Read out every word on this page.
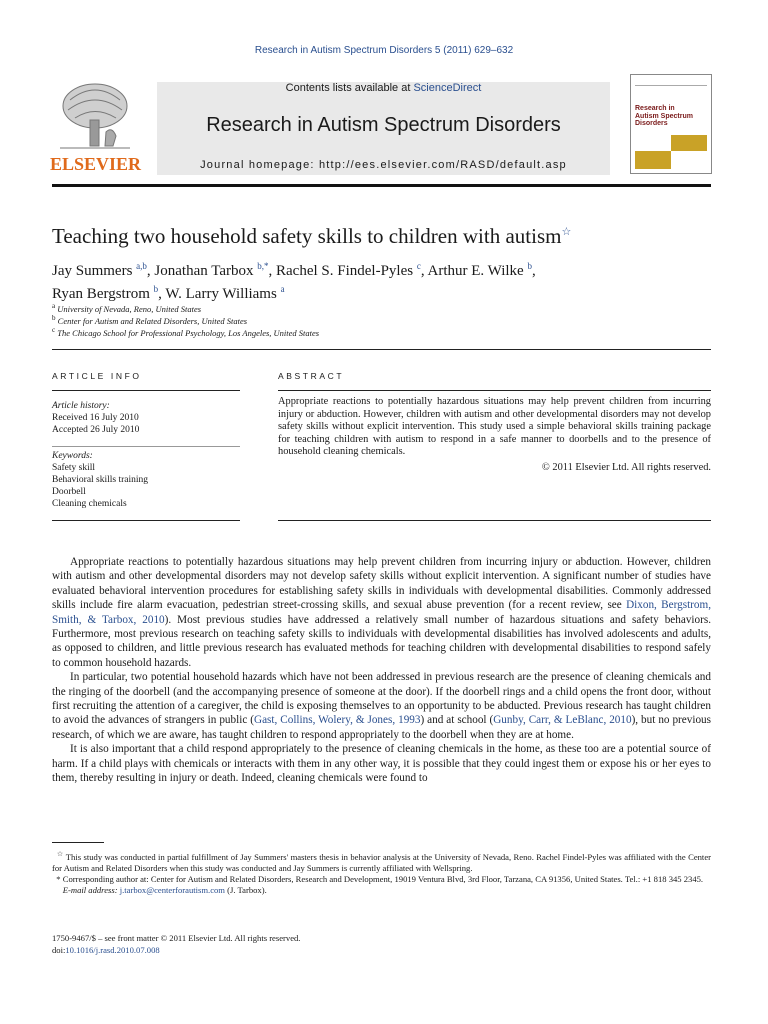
Research in Autism Spectrum Disorders 5 (2011) 629–632
ELSEVIER
Contents lists available at ScienceDirect
Research in Autism Spectrum Disorders
Journal homepage: http://ees.elsevier.com/RASD/default.asp
Research in Autism Spectrum Disorders
Teaching two household safety skills to children with autism☆
Jay Summers $^{a,b}$, Jonathan Tarbox $^{b,*}$, Rachel S. Findel-Pyles $^c$, Arthur E. Wilke $^b$,
Ryan Bergstrom $^b$, W. Larry Williams $^a$
$^a$ University of Nevada, Reno, United States
$^b$ Center for Autism and Related Disorders, United States
$^c$ The Chicago School for Professional Psychology, Los Angeles, United States
ARTICLE INFO
Article history:
Received 16 July 2010
Accepted 26 July 2010
Keywords:
Safety skill
Behavioral skills training
Doorbell
Cleaning chemicals
ABSTRACT
Appropriate reactions to potentially hazardous situations may help prevent children from incurring injury or abduction. However, children with autism and other developmental disorders may not develop safety skills without explicit intervention. This study used a simple behavioral skills training package for teaching children with autism to respond in a safe manner to doorbells and to the presence of household cleaning chemicals.
© 2011 Elsevier Ltd. All rights reserved.

Appropriate reactions to potentially hazardous situations may help prevent children from incurring injury or abduction. However, children with autism and other developmental disorders may not develop safety skills without explicit intervention. A significant number of studies have evaluated behavioral intervention procedures for establishing safety skills in individuals with developmental disabilities. Commonly addressed skills include fire alarm evacuation, pedestrian street-crossing skills, and sexual abuse prevention (for a recent review, see Dixon, Bergstrom, Smith, & Tarbox, 2010). Most previous studies have addressed a relatively small number of hazardous situations and safety behaviors. Furthermore, most previous research on teaching safety skills to individuals with developmental disabilities has involved adolescents and adults, as opposed to children, and little previous research has evaluated methods for teaching children with developmental disabilities to respond safely to common household hazards.

In particular, two potential household hazards which have not been addressed in previous research are the presence of cleaning chemicals and the ringing of the doorbell (and the accompanying presence of someone at the door). If the doorbell rings and a child opens the front door, without first recruiting the attention of a caregiver, the child is exposing themselves to an opportunity to be abducted. Previous research has taught children to avoid the advances of strangers in public (Gast, Collins, Wolery, & Jones, 1993) and at school (Gunby, Carr, & LeBlanc, 2010), but no previous research, of which we are aware, has taught children to respond appropriately to the doorbell when they are at home.

It is also important that a child respond appropriately to the presence of cleaning chemicals in the home, as these too are a potential source of harm. If a child plays with chemicals or interacts with them in any other way, it is possible that they could ingest them or expose his or her eyes to them, thereby resulting in injury or death. Indeed, cleaning chemicals were found to

☆ This study was conducted in partial fulfillment of Jay Summers' masters thesis in behavior analysis at the University of Nevada, Reno. Rachel Findel-Pyles was affiliated with the Center for Autism and Related Disorders when this study was conducted and Jay Summers is currently affiliated with Wellspring.

* Corresponding author at: Center for Autism and Related Disorders, Research and Development, 19019 Ventura Blvd, 3rd Floor, Tarzana, CA 91356, United States. Tel.: +1 818 345 2345.

E-mail address: j.tarbox@centerforautism.com (J. Tarbox).

1750-9467/$ – see front matter © 2011 Elsevier Ltd. All rights reserved.
doi:10.1016/j.rasd.2010.07.008
